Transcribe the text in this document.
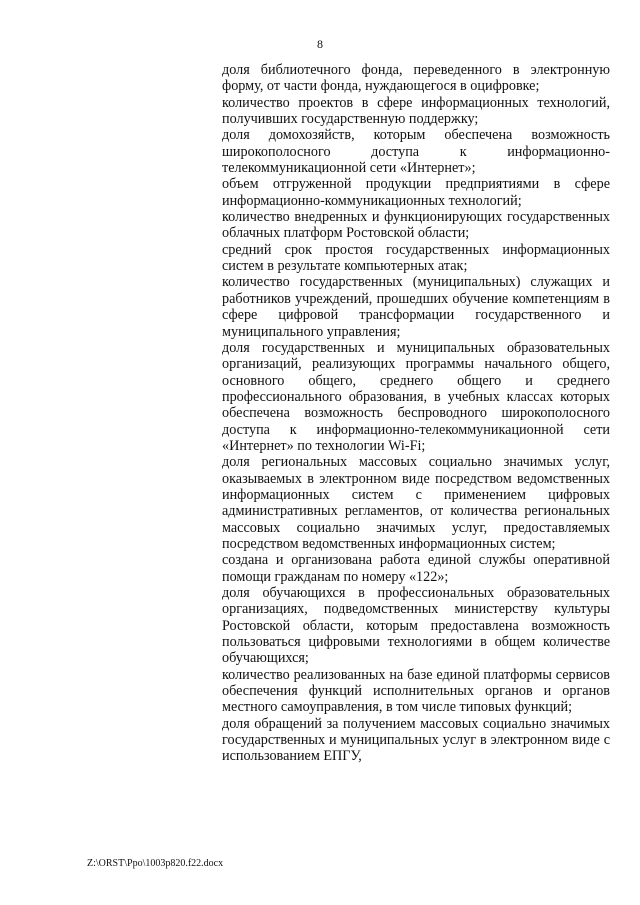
8

доля библиотечного фонда, переведенного в электронную форму, от части фонда, нуждающегося в оцифровке;

количество проектов в сфере информационных технологий, получивших государственную поддержку;

доля домохозяйств, которым обеспечена возможность широкополосного доступа к информационно-телекоммуникационной сети «Интернет»;

объем отгруженной продукции предприятиями в сфере информационно-коммуникационных технологий;

количество внедренных и функционирующих государственных облачных платформ Ростовской области;

средний срок простоя государственных информационных систем в результате компьютерных атак;

количество государственных (муниципальных) служащих и работников учреждений, прошедших обучение компетенциям в сфере цифровой трансформации государственного и муниципального управления;

доля государственных и муниципальных образовательных организаций, реализующих программы начального общего, основного общего, среднего общего и среднего профессионального образования, в учебных классах которых обеспечена возможность беспроводного широкополосного доступа к информационно-телекоммуникационной сети «Интернет» по технологии Wi-Fi;

доля региональных массовых социально значимых услуг, оказываемых в электронном виде посредством ведомственных информационных систем с применением цифровых административных регламентов, от количества региональных массовых социально значимых услуг, предоставляемых посредством ведомственных информационных систем;

создана и организована работа единой службы оперативной помощи гражданам по номеру «122»;

доля обучающихся в профессиональных образовательных организациях, подведомственных министерству культуры Ростовской области, которым предоставлена возможность пользоваться цифровыми технологиями в общем количестве обучающихся;

количество реализованных на базе единой платформы сервисов обеспечения функций исполнительных органов и органов местного самоуправления, в том числе типовых функций;

доля обращений за получением массовых социально значимых государственных и муниципальных услуг в электронном виде с использованием ЕПГУ,

Z:\ORST\Ppo\1003p820.f22.docx
